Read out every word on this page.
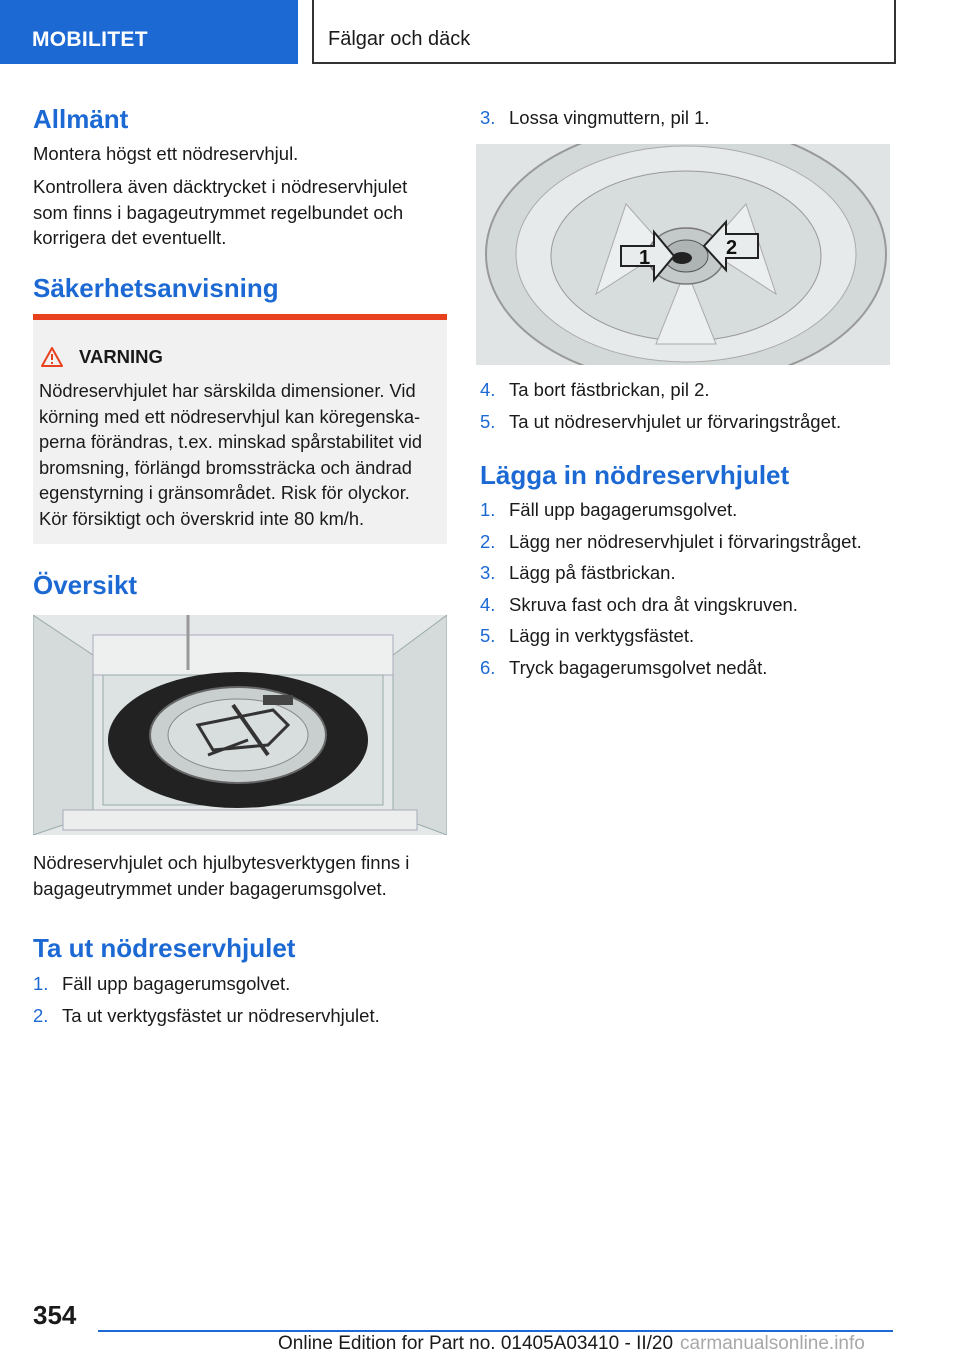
MOBILITET	Fälgar och däck
Allmänt

Montera högst ett nödreservhjul.

Kontrollera även däcktrycket i nödreservhjulet
som finns i bagageutrymmet regelbundet och
korrigera det eventuellt.

Säkerhetsanvisning
VARNING
Nödreservhjulet har särskilda dimensioner. Vid
körning med ett nödreservhjul kan köregenska-
perna förändras, t.ex. minskad spårstabilitet vid
bromsning, förlängd bromssträcka och ändrad
egenstyrning i gränsområdet. Risk för olyckor.
Kör försiktigt och överskrid inte 80 km/h.
Översikt

Nödreservhjulet och hjulbytesverktygen finns i
bagageutrymmet under bagagerumsgolvet.

Ta ut nödreservhjulet
1. Fäll upp bagagerumsgolvet.
2. Ta ut verktygsfästet ur nödreservhjulet.
3. Lossa vingmuttern, pil 1.
1	2
4. Ta bort fästbrickan, pil 2.
5. Ta ut nödreservhjulet ur förvaringstråget.
Lägga in nödreservhjulet
1. Fäll upp bagagerumsgolvet.
2. Lägg ner nödreservhjulet i förvaringstråget.
3. Lägg på fästbrickan.
4. Skruva fast och dra åt vingskruven.
5. Lägg in verktygsfästet.
6. Tryck bagagerumsgolvet nedåt.
354
Online Edition for Part no. 01405A03410 - II/20 carmanualsonline.info
